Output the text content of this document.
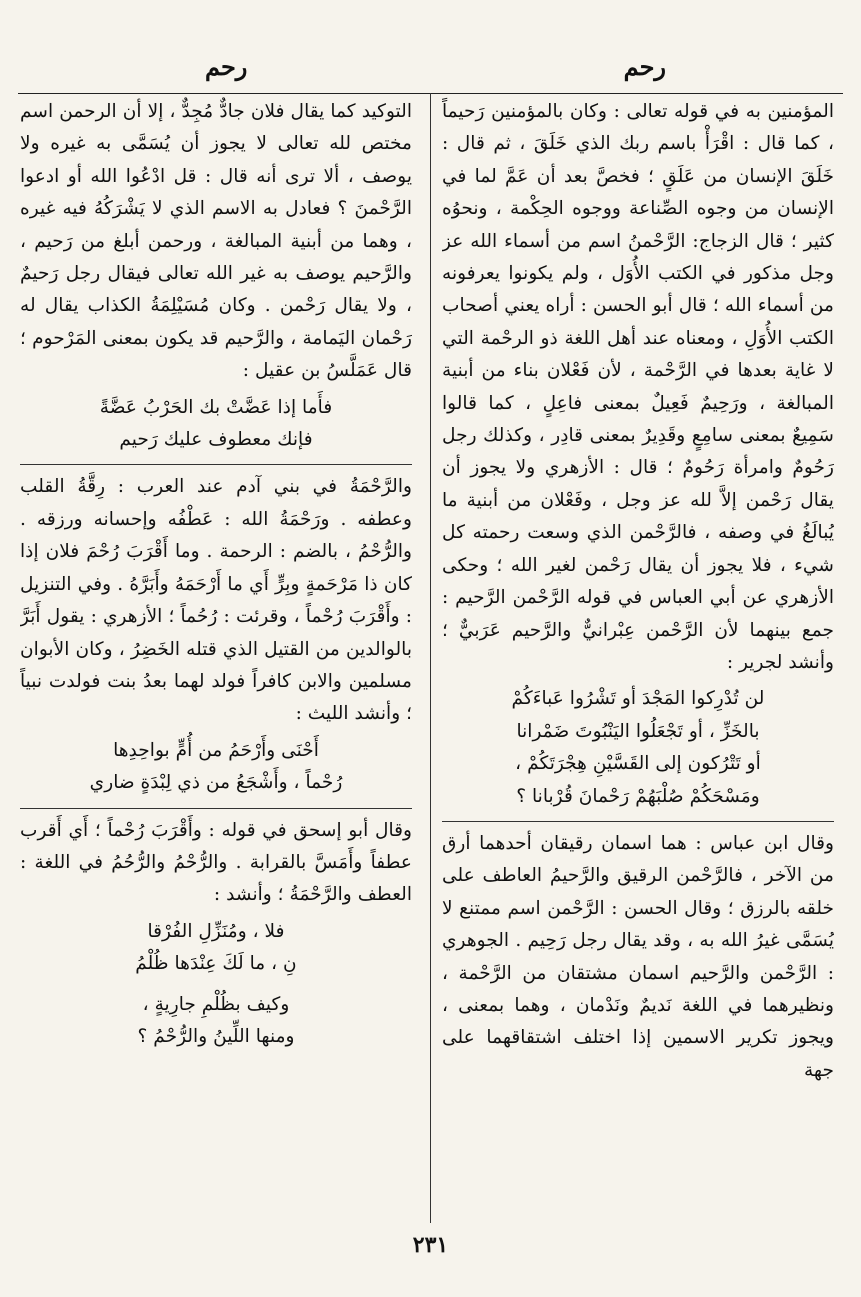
رحم
رحم

المؤمنين به في قوله تعالى : وكان بالمؤمنين رَحيماً ، كما قال : اقْرَأْ باسم ربك الذي خَلَقَ ، ثم قال : خَلَقَ الإنسان من عَلَقٍ ؛ فخصَّ بعد أن عَمَّ لما في الإنسان من وجوه الصِّناعة ووجوه الحِكْمة ، ونحوُه كثير ؛ قال الزجاج: الرَّحْمنُ اسم من أسماء الله عز وجل مذكور في الكتب الأُوَل ، ولم يكونوا يعرفونه من أسماء الله ؛ قال أبو الحسن : أراه يعني أصحاب الكتب الأُوَلِ ، ومعناه عند أهل اللغة ذو الرحْمة التي لا غاية بعدها في الرَّحْمة ، لأن فَعْلان بناء من أبنية المبالغة ، ورَحِيمٌ فَعِيلٌ بمعنى فاعِلٍ ، كما قالوا سَمِيعٌ بمعنى سامِعٍ وقَدِيرٌ بمعنى قادِر ، وكذلك رجل رَحُومٌ وامرأة رَحُومٌ ؛ قال : الأزهري ولا يجوز أن يقال رَحْمن إلاَّ لله عز وجل ، وفَعْلان من أبنية ما يُبالَغُ في وصفه ، فالرَّحْمن الذي وسعت رحمته كل شيء ، فلا يجوز أن يقال رَحْمن لغير الله ؛ وحكى الأزهري عن أبي العباس في قوله الرَّحْمن الرَّحيم : جمع بينهما لأن الرَّحْمن عِبْرانيٌّ والرَّحيم عَرَبيٌّ ؛ وأنشد لجرير :

لن تُدْرِكوا المَجْدَ أو تَشْرُوا عَباءَكُمْ

بالخَزِّ ، أو تَجْعَلُوا اليَنْبُوتَ ضَمْرانا

أو تَتْرُكون إلى القَسَّيْنِ هِجْرَتَكُمْ ،

ومَسْحَكُمْ صُلْبَهُمْ رَحْمانَ قُرْبانا ؟

وقال ابن عباس : هما اسمان رقيقان أحدهما أرق من الآخر ، فالرَّحْمن الرقيق والرَّحيمُ العاطف على خلقه بالرزق ؛ وقال الحسن : الرَّحْمن اسم ممتنع لا يُسَمَّى غيرُ الله به ، وقد يقال رجل رَحِيم . الجوهري : الرَّحْمن والرَّحيم اسمان مشتقان من الرَّحْمة ، ونظيرهما في اللغة نَديمٌ ونَدْمان ، وهما بمعنى ، ويجوز تكرير الاسمين إذا اختلف اشتقاقهما على جهة

التوكيد كما يقال فلان جادٌّ مُجِدٌّ ، إلا أن الرحمن اسم مختص لله تعالى لا يجوز أن يُسَمَّى به غيره ولا يوصف ، ألا ترى أنه قال : قل ادْعُوا الله أو ادعوا الرَّحْمنَ ؟ فعادل به الاسم الذي لا يَشْرَكُهُ فيه غيره ، وهما من أبنية المبالغة ، ورحمن أبلغ من رَحيم ، والرَّحيم يوصف به غير الله تعالى فيقال رجل رَحيمٌ ، ولا يقال رَحْمن . وكان مُسَيْلِمَةُ الكذاب يقال له رَحْمان اليَمامة ، والرَّحيم قد يكون بمعنى المَرْحوم ؛ قال عَمَلَّسُ بن عقيل :

فأَما إذا عَضَّتْ بك الحَرْبُ عَضَّةً

فإنك معطوف عليك رَحيم

والرَّحْمَةُ في بني آدم عند العرب : رِقَّةُ القلب وعطفه . ورَحْمَةُ الله : عَطْفُه وإحسانه ورزقه . والرُّحْمُ ، بالضم : الرحمة . وما أَقْرَبَ رُحْمَ فلان إذا كان ذا مَرْحَمةٍ وبِرٍّ أَي ما أَرْحَمَهُ وأَبَرَّهُ . وفي التنزيل : وأَقْرَبَ رُحْماً ، وقرئت : رُحُماً ؛ الأزهري : يقول أَبَرَّ بالوالدين من القتيل الذي قتله الخَضِرُ ، وكان الأبوان مسلمين والابن كافراً فولد لهما بعدُ بنت فولدت نبياً ؛ وأنشد الليث :

أَحْنَى وأَرْحَمُ من أُمٍّ بواحِدِها

رُحْماً ، وأَشْجَعُ من ذي لِبْدَةٍ ضاري

وقال أبو إسحق في قوله : وأَقْرَبَ رُحْماً ؛ أَي أَقرب عطفاً وأَمَسَّ بالقرابة . والرُّحْمُ والرُّحُمُ في اللغة : العطف والرَّحْمَةُ ؛ وأنشد :

فلا ، ومُنَزِّلِ الفُرْقا

نِ ، ما لَكَ عِنْدَها ظُلْمُ

وكيف بظُلْمِ جارِيةٍ ،

ومنها اللِّينُ والرُّحْمُ ؟

٢٣١
